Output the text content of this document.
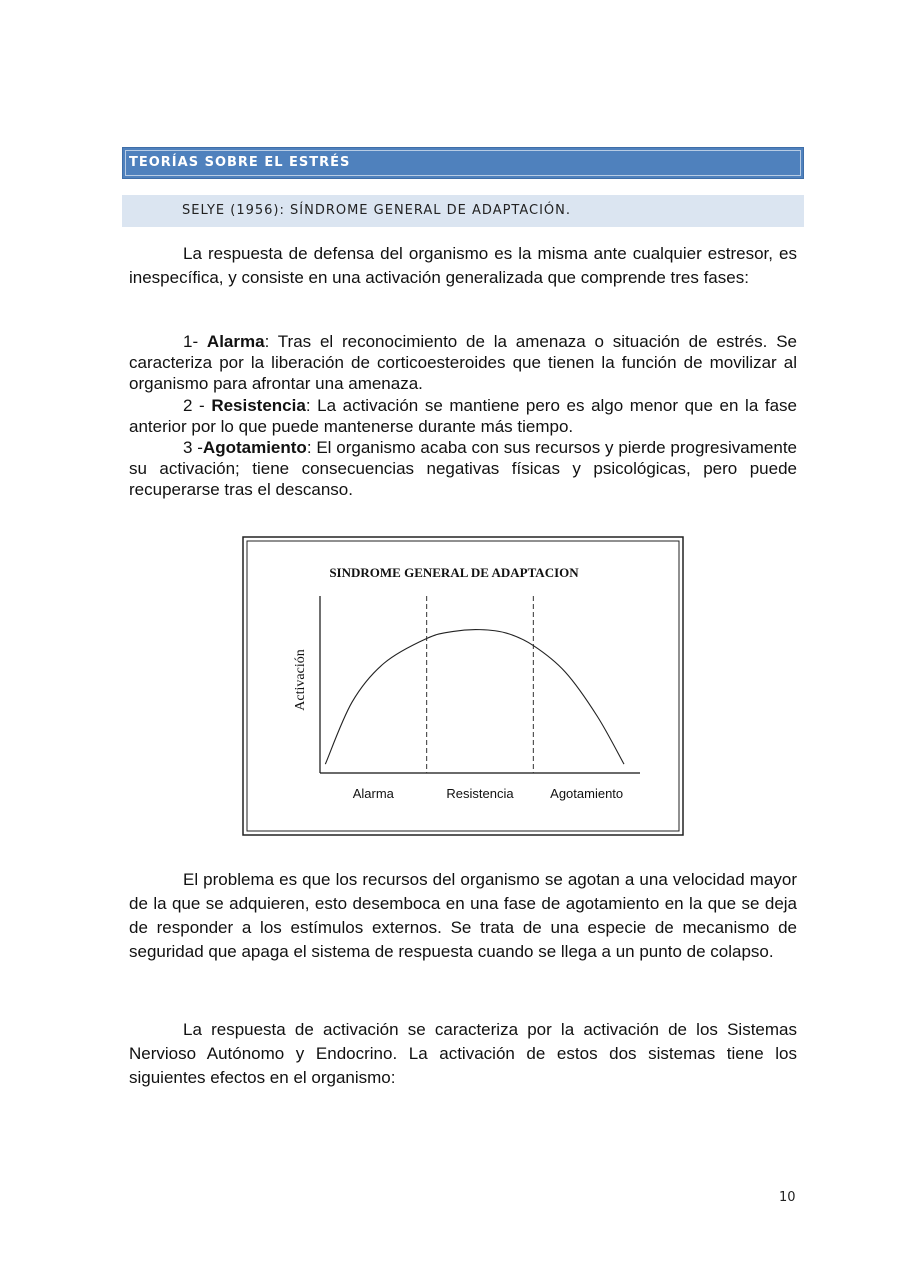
TEORÍAS SOBRE EL ESTRÉS
SELYE (1956): SÍNDROME GENERAL DE ADAPTACIÓN.

La respuesta de defensa del organismo es la misma ante cualquier estresor, es inespecífica, y consiste en una activación generalizada que comprende tres fases:

1- Alarma: Tras el reconocimiento de la amenaza o situación de estrés. Se caracteriza por la liberación de corticoesteroides que tienen la función de movilizar al organismo para afrontar una amenaza.

2 - Resistencia: La activación se mantiene pero es algo menor que en la fase anterior por lo que puede mantenerse durante más tiempo.

3 -Agotamiento: El organismo acaba con sus recursos y pierde progresivamente su activación; tiene consecuencias negativas físicas y psicológicas, pero puede recuperarse tras el descanso.

SINDROME GENERAL DE ADAPTACION
Activación
Alarma	Resistencia	Agotamiento

El problema es que los recursos del organismo se agotan a una velocidad mayor de la que se adquieren, esto desemboca en una fase de agotamiento en la que se deja de responder a los estímulos externos. Se trata de una especie de mecanismo de seguridad que apaga el sistema de respuesta cuando se llega a un punto de colapso.

La respuesta de activación se caracteriza por la activación de los Sistemas Nervioso Autónomo y Endocrino. La activación de estos dos sistemas tiene los siguientes efectos en el organismo:

10
